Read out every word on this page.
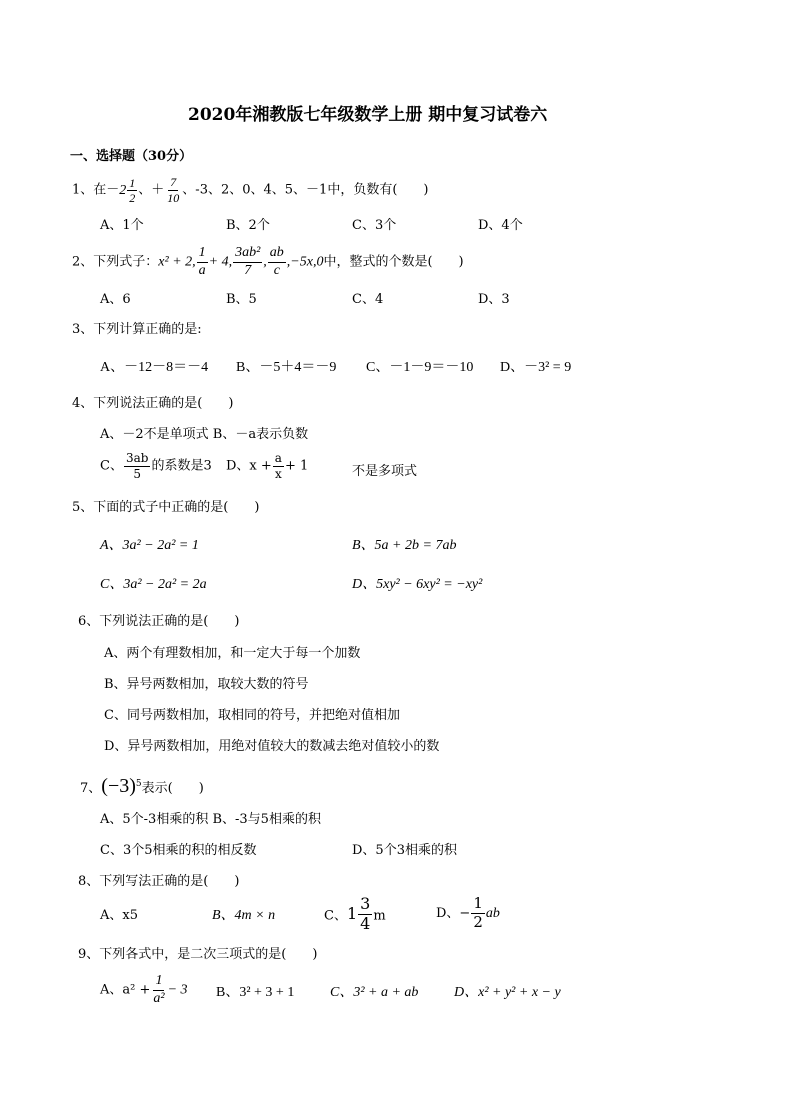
2020年湘教版七年级数学上册 期中复习试卷六
一、选择题（30分）
1、在－ $2 \frac{1}{2}$ 、＋ $\frac{7}{10}$ 、-3、2、0、4、5、－1中，负数有(　　)
A、1个	B、2个	C、3个	D、4个
2、下列式子：x² + 2, $\frac{1}{a} + 4$, $\frac{\text{3ab²}}{7}$ , $\frac{ab}{c} ,-5x,0$中，整式的个数是(　　)
A、6	B、5	C、4	D、3
3、下列计算正确的是:
A、－12－8＝－4 B、－5＋4＝－9 C、－1－9＝－10 D、－3² = 9
4、下列说法正确的是(　　)
A、－2不是单项式 B、－a表示负数
C、 $\frac{3ab}{5}$ 的系数是3 D、$x + \frac{a}{x} + 1$	不是多项式
5、下面的式子中正确的是(　　)
A、3a² − 2a² = 1	B、5a + 2b = 7ab
C、3a² − 2a² = 2a	D、5xy² − 6xy² = −xy²
6、下列说法正确的是(　　)
A、两个有理数相加，和一定大于每一个加数
B、异号两数相加，取较大数的符号
C、同号两数相加，取相同的符号，并把绝对值相加
D、异号两数相加，用绝对值较大的数减去绝对值较小的数
7、$(-3)^5$表示(　　)
A、5个-3相乘的积 B、-3与5相乘的积
C、3个5相乘的积的相反数	D、5个3相乘的积
8、下列写法正确的是(　　)
A、x5	B、4m × n	C、 $1 \frac{3}{4}$ m	D、− $\frac{1}{2}$ ab
9、下列各式中，是二次三项式的是(　　)
A、$a^2 + \frac{1}{\text{a²}} - 3$ B、3² + 3 + 1	C、3² + a + ab	D、x² + y² + x − y
